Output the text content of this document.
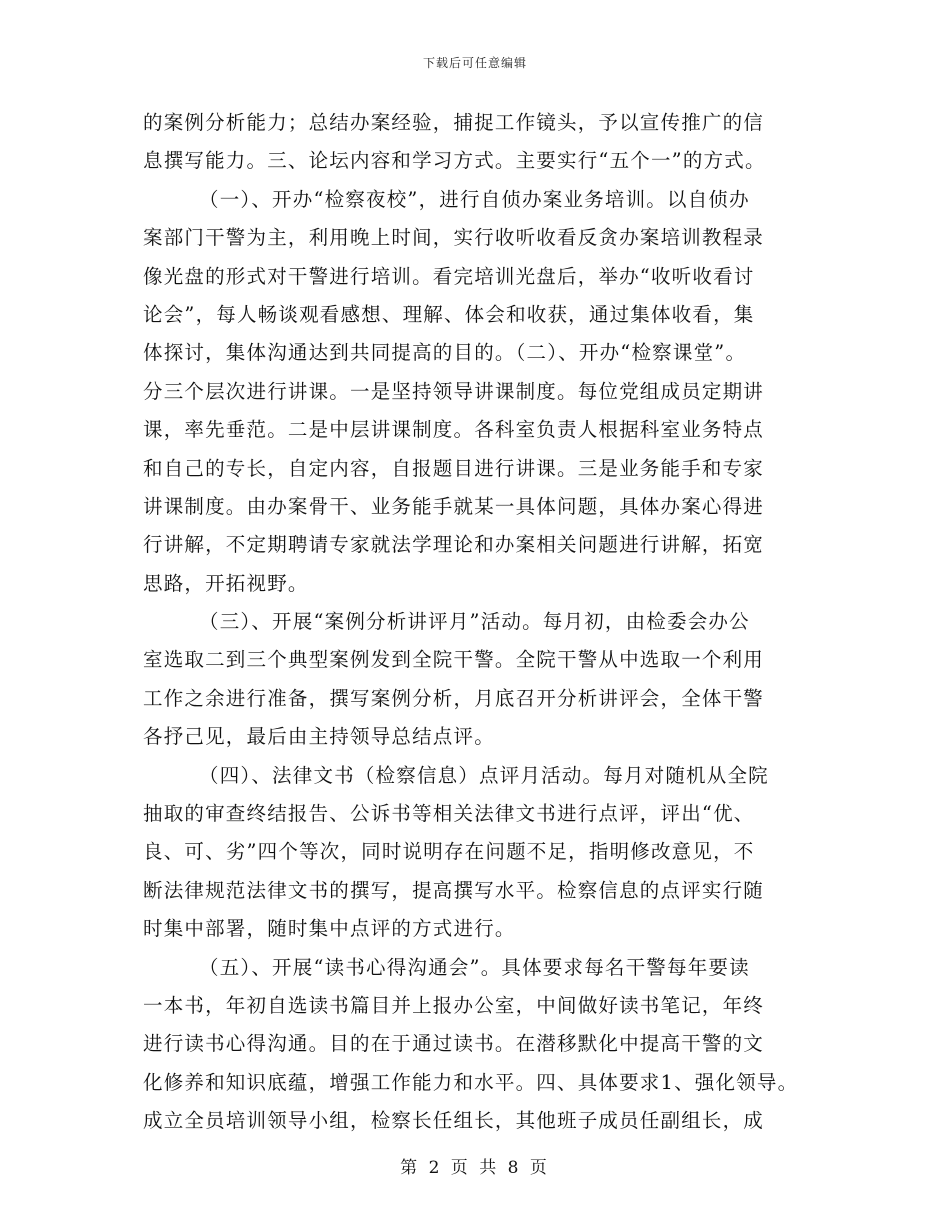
下载后可任意编辑
的案例分析能力；总结办案经验，捕捉工作镜头，予以宣传推广的信
息撰写能力。三、论坛内容和学习方式。主要实行“五个一”的方式。
（一）、开办“检察夜校”，进行自侦办案业务培训。以自侦办
案部门干警为主，利用晚上时间，实行收听收看反贪办案培训教程录
像光盘的形式对干警进行培训。看完培训光盘后，举办“收听收看讨
论会”，每人畅谈观看感想、理解、体会和收获，通过集体收看，集
体探讨，集体沟通达到共同提高的目的。（二）、开办“检察课堂”。
分三个层次进行讲课。一是坚持领导讲课制度。每位党组成员定期讲
课，率先垂范。二是中层讲课制度。各科室负责人根据科室业务特点
和自己的专长，自定内容，自报题目进行讲课。三是业务能手和专家
讲课制度。由办案骨干、业务能手就某一具体问题，具体办案心得进
行讲解，不定期聘请专家就法学理论和办案相关问题进行讲解，拓宽
思路，开拓视野。
（三）、开展“案例分析讲评月”活动。每月初，由检委会办公
室选取二到三个典型案例发到全院干警。全院干警从中选取一个利用
工作之余进行准备，撰写案例分析，月底召开分析讲评会，全体干警
各抒己见，最后由主持领导总结点评。
（四）、法律文书（检察信息）点评月活动。每月对随机从全院
抽取的审查终结报告、公诉书等相关法律文书进行点评，评出“优、
良、可、劣”四个等次，同时说明存在问题不足，指明修改意见，不
断法律规范法律文书的撰写，提高撰写水平。检察信息的点评实行随
时集中部署，随时集中点评的方式进行。
（五）、开展“读书心得沟通会”。具体要求每名干警每年要读
一本书，年初自选读书篇目并上报办公室，中间做好读书笔记，年终
进行读书心得沟通。目的在于通过读书。在潜移默化中提高干警的文
化修养和知识底蕴，增强工作能力和水平。四、具体要求1、强化领导。
成立全员培训领导小组，检察长任组长，其他班子成员任副组长，成
第 2 页 共 8 页
